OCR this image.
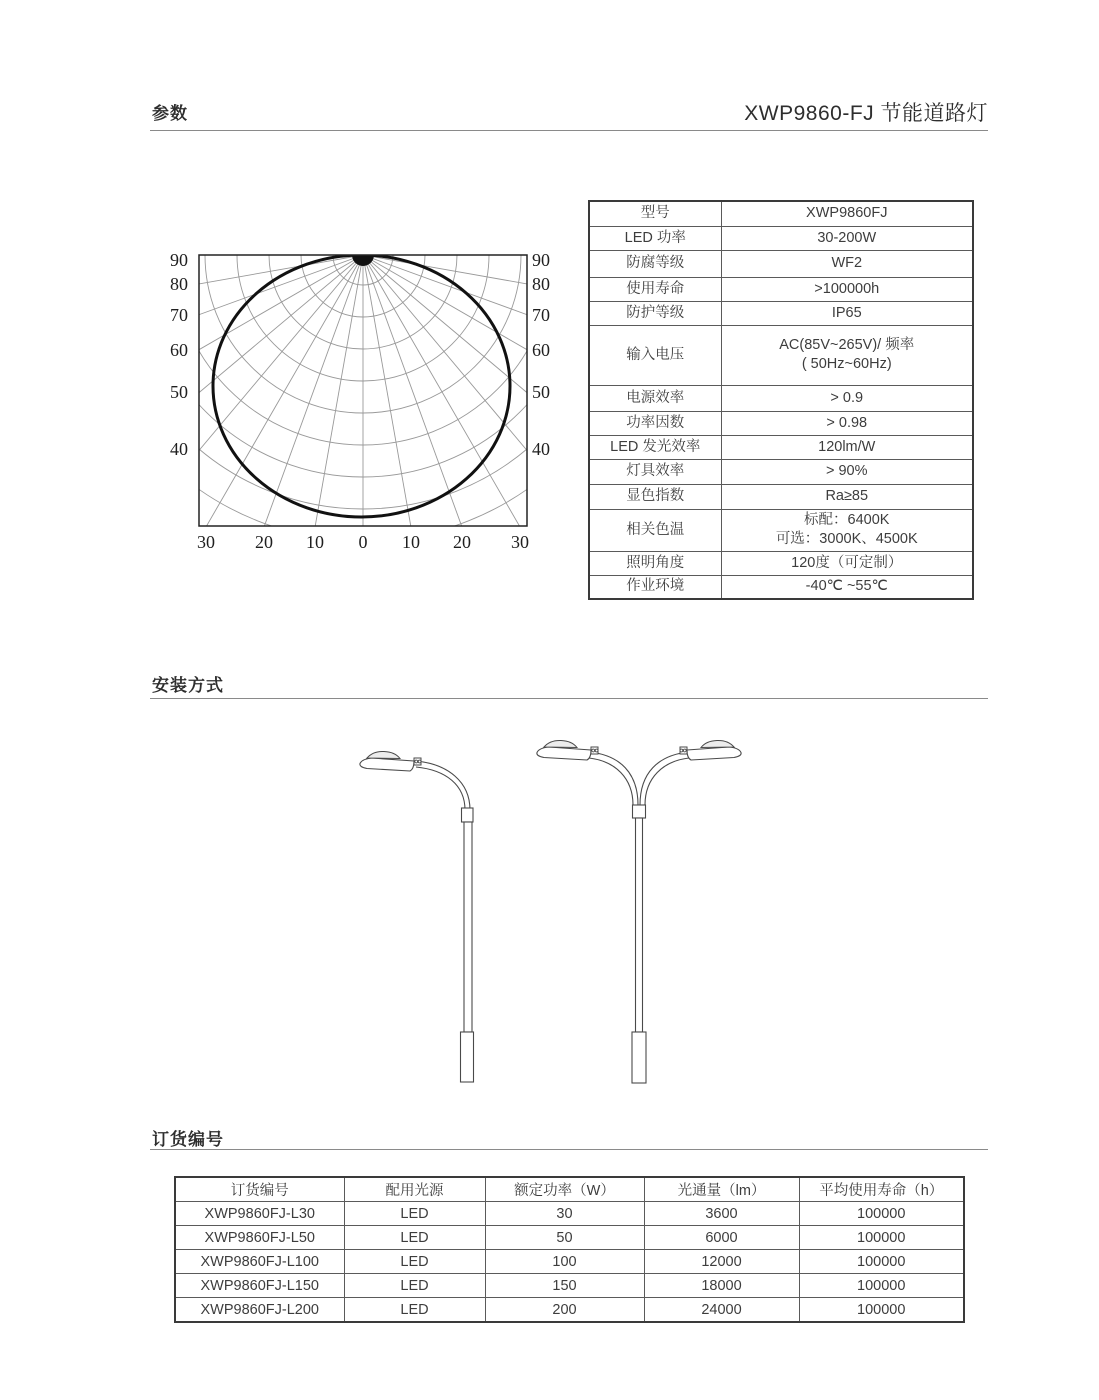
参数	XWP9860-FJ 节能道路灯
90
80
70
60
50
40
90
80
70
60
50
40
30 20 10 0 10 20 30
型号	XWP9860FJ
LED 功率	30-200W
防腐等级	WF2
使用寿命	>100000h
防护等级	IP65
输入电压	AC(85V~265V)/ 频率
( 50Hz~60Hz)

电源效率	> 0.9
功率因数	> 0.98
LED 发光效率	120lm/W
灯具效率	> 90%
显色指数	Ra≥85
相关色温	标配：6400K
可选：3000K、4500K

照明角度	120度（可定制）
作业环境	-40℃ ~55℃
安装方式
订货编号
订货编号	配用光源	额定功率（W）	光通量（lm）	平均使用寿命（h）
XWP9860FJ-L30	LED	30	3600	100000
XWP9860FJ-L50	LED	50	6000	100000
XWP9860FJ-L100	LED	100	12000	100000
XWP9860FJ-L150	LED	150	18000	100000
XWP9860FJ-L200	LED	200	24000	100000
